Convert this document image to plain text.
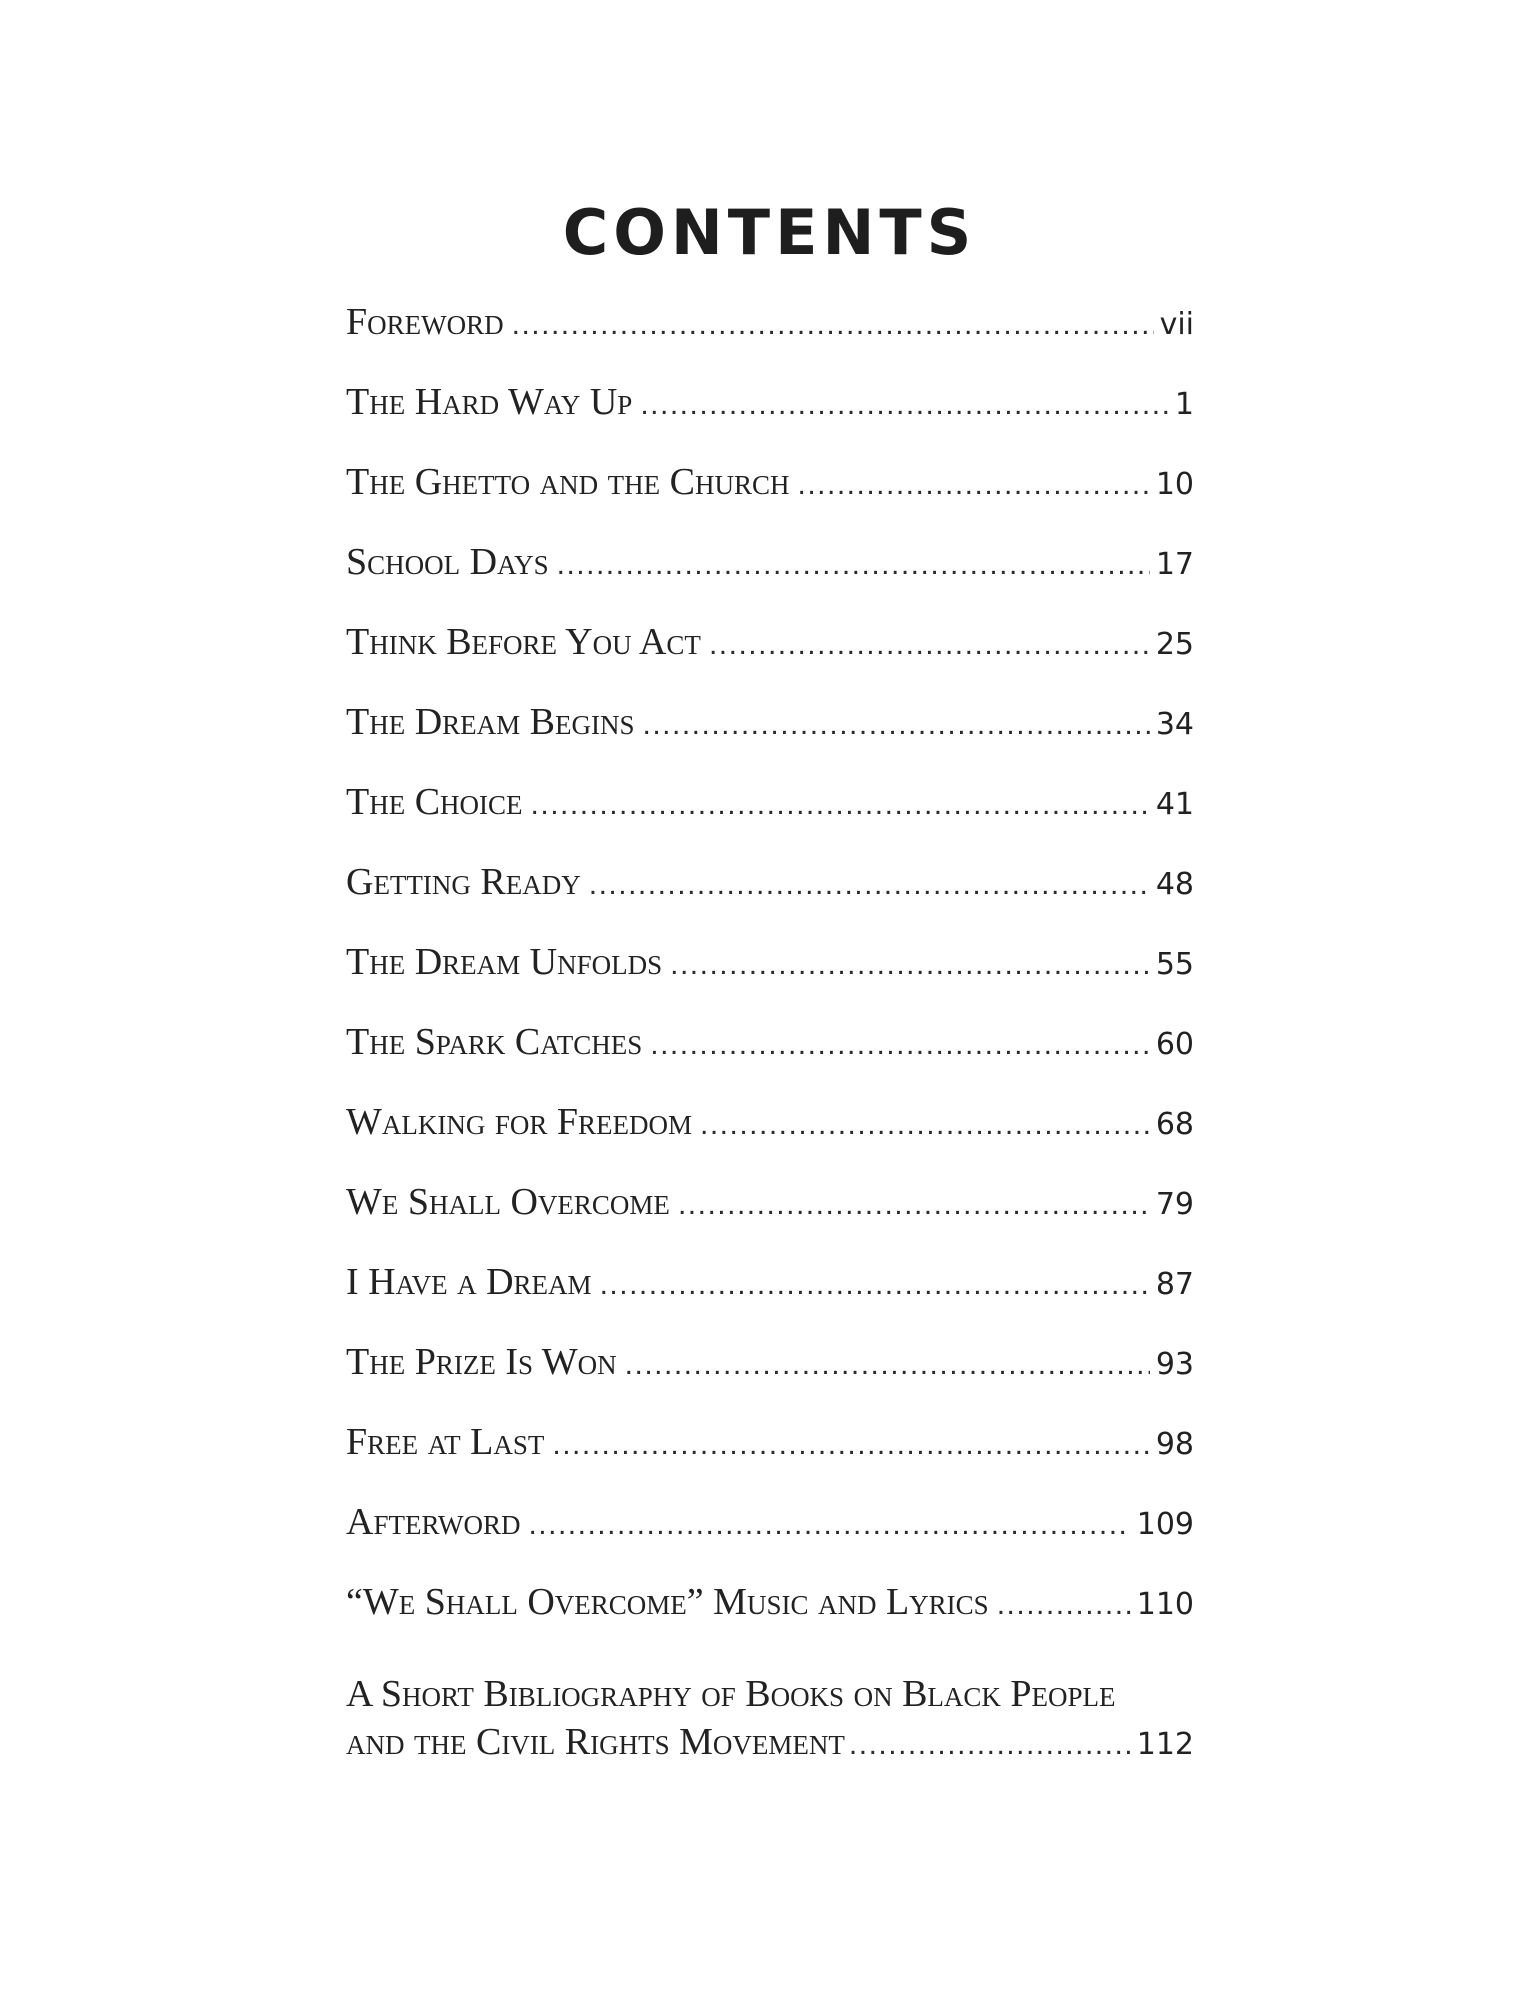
CONTENTS
Foreword .....	vii
The Hard Way Up .....	1
The Ghetto and the Church .....	10
School Days .....	17
Think Before You Act .....	25
The Dream Begins .....	34
The Choice .....	41
Getting Ready .....	48
The Dream Unfolds .....	55
The Spark Catches .....	60
Walking for Freedom .....	68
We Shall Overcome .....	79
I Have a Dream .....	87
The Prize Is Won .....	93
Free at Last .....	98
Afterword .....	109
“We Shall Overcome” Music and Lyrics .....	110
A Short Bibliography of Books on Black People
and the Civil Rights Movement .....	112
